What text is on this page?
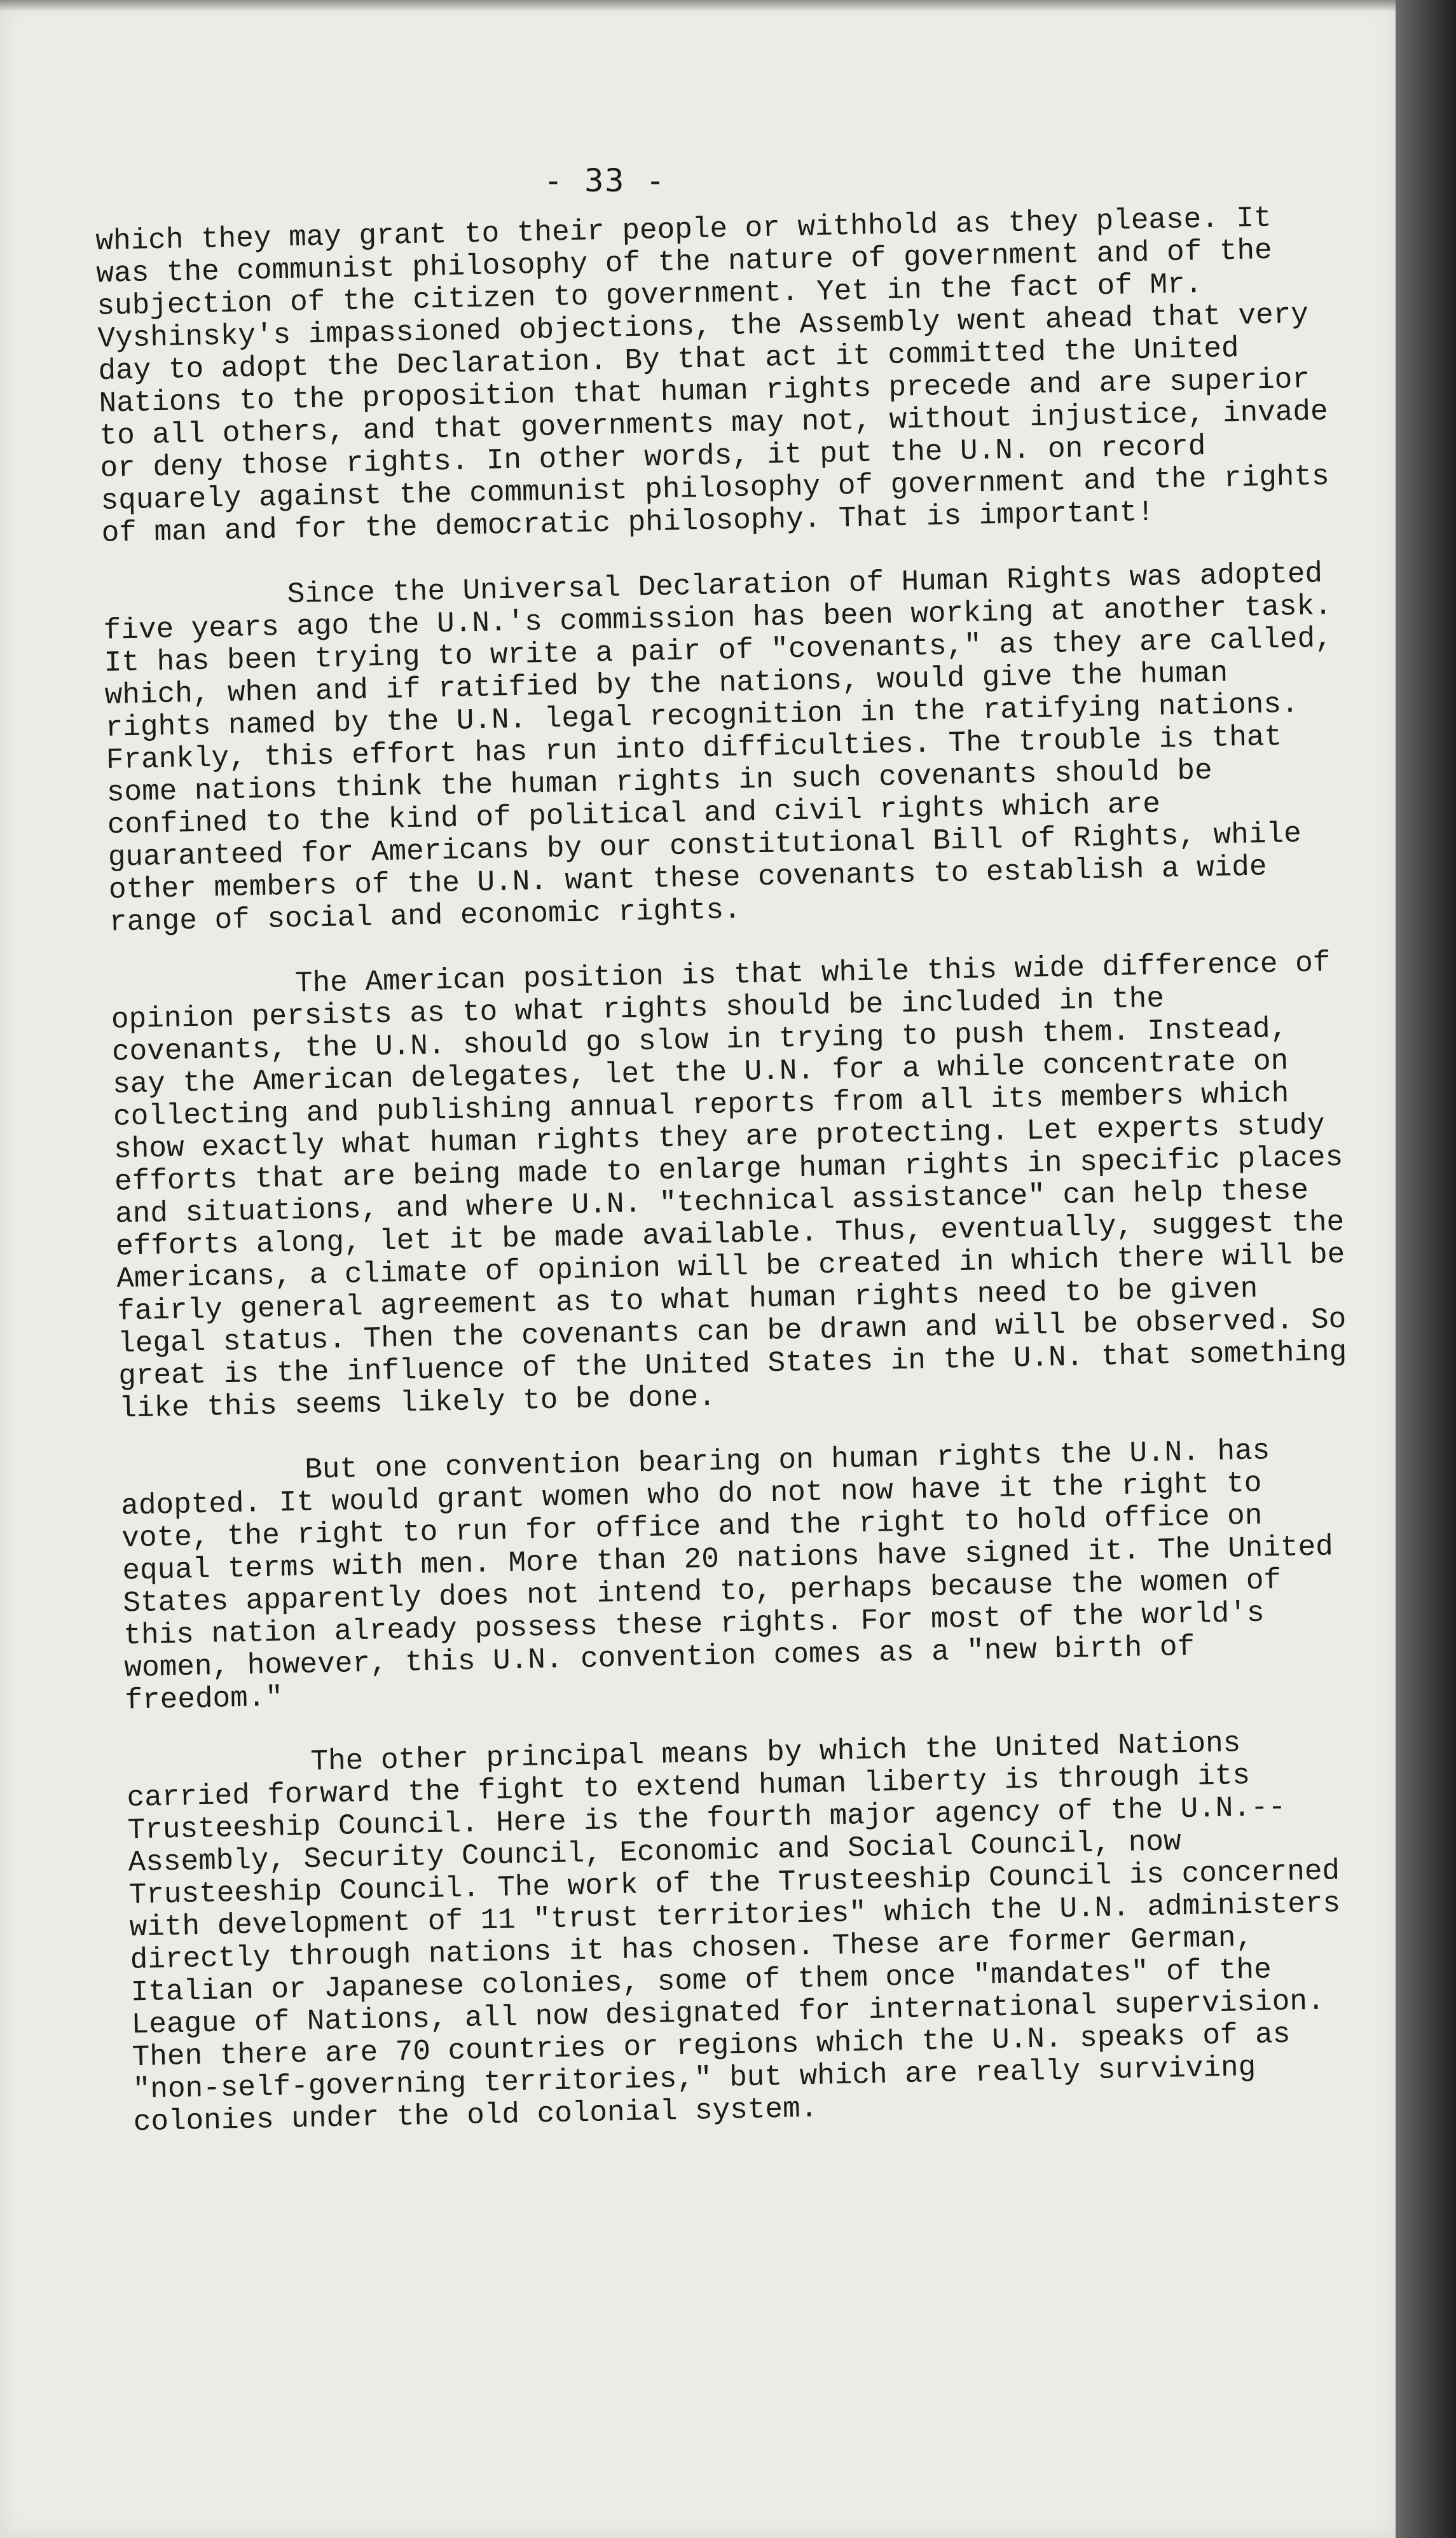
- 33 -

which they may grant to their people or withhold as they please. It was the communist philosophy of the nature of government and of the subjection of the citizen to government. Yet in the fact of Mr. Vyshinsky's impassioned objections, the Assembly went ahead that very day to adopt the Declaration. By that act it committed the United Nations to the proposition that human rights precede and are superior to all others, and that governments may not, without injustice, invade or deny those rights. In other words, it put the U.N. on record squarely against the communist philosophy of government and the rights of man and for the democratic philosophy. That is important!

Since the Universal Declaration of Human Rights was adopted five years ago the U.N.'s commission has been working at another task. It has been trying to write a pair of "covenants," as they are called, which, when and if ratified by the nations, would give the human rights named by the U.N. legal recognition in the ratifying nations. Frankly, this effort has run into difficulties. The trouble is that some nations think the human rights in such covenants should be confined to the kind of political and civil rights which are guaranteed for Americans by our constitutional Bill of Rights, while other members of the U.N. want these covenants to establish a wide range of social and economic rights.

The American position is that while this wide difference of opinion persists as to what rights should be included in the covenants, the U.N. should go slow in trying to push them. Instead, say the American delegates, let the U.N. for a while concentrate on collecting and publishing annual reports from all its members which show exactly what human rights they are protecting. Let experts study efforts that are being made to enlarge human rights in specific places and situations, and where U.N. "technical assistance" can help these efforts along, let it be made available. Thus, eventually, suggest the Americans, a climate of opinion will be created in which there will be fairly general agreement as to what human rights need to be given legal status. Then the covenants can be drawn and will be observed. So great is the influence of the United States in the U.N. that something like this seems likely to be done.

But one convention bearing on human rights the U.N. has adopted. It would grant women who do not now have it the right to vote, the right to run for office and the right to hold office on equal terms with men. More than 20 nations have signed it. The United States apparently does not intend to, perhaps because the women of this nation already possess these rights. For most of the world's women, however, this U.N. convention comes as a "new birth of freedom."

The other principal means by which the United Nations carried forward the fight to extend human liberty is through its Trusteeship Council. Here is the fourth major agency of the U.N.--Assembly, Security Council, Economic and Social Council, now Trusteeship Council. The work of the Trusteeship Council is concerned with development of 11 "trust territories" which the U.N. administers directly through nations it has chosen. These are former German, Italian or Japanese colonies, some of them once "mandates" of the League of Nations, all now designated for international supervision. Then there are 70 countries or regions which the U.N. speaks of as "non-self-governing territories," but which are really surviving colonies under the old colonial system.
